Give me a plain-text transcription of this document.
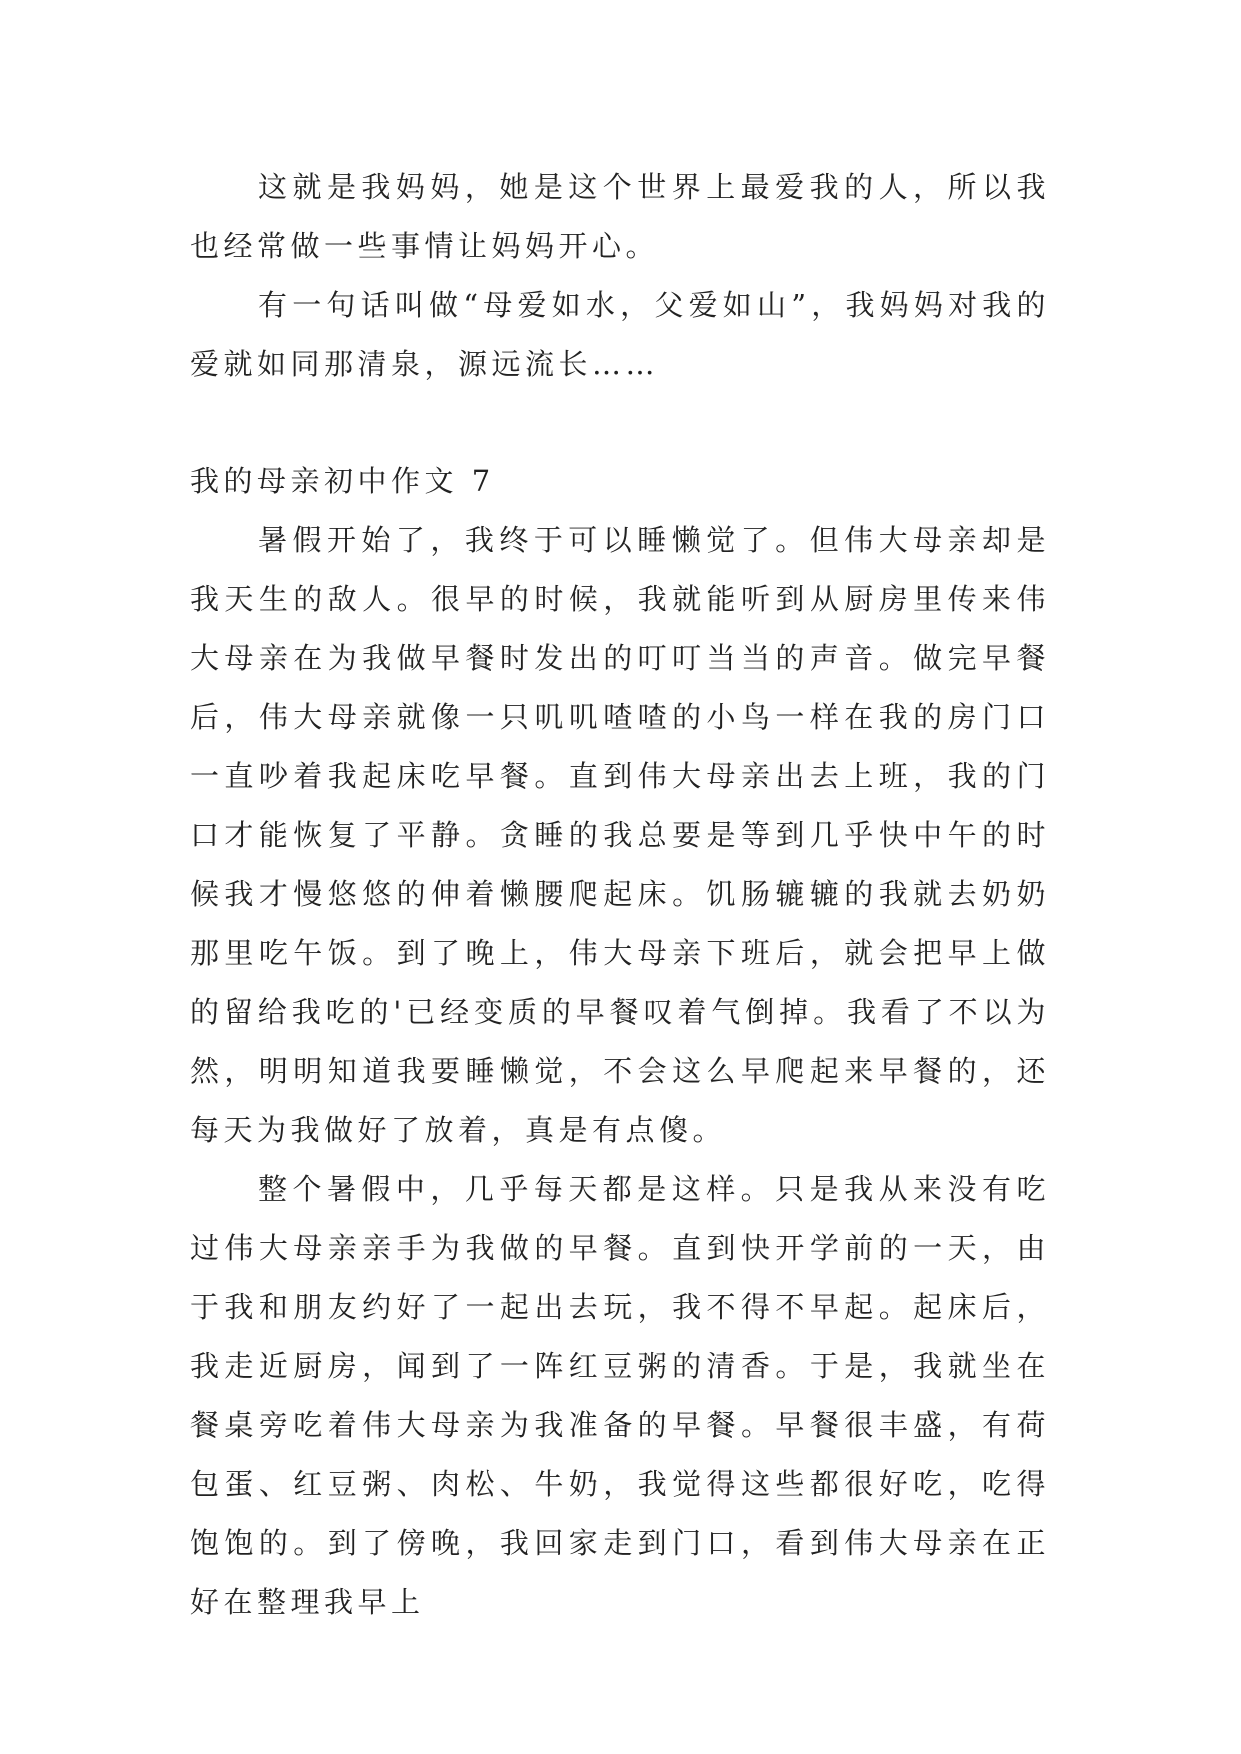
这就是我妈妈，她是这个世界上最爱我的人，所以我也经常做一些事情让妈妈开心。

有一句话叫做“母爱如水，父爱如山”，我妈妈对我的爱就如同那清泉，源远流长……

我的母亲初中作文 7

暑假开始了，我终于可以睡懒觉了。但伟大母亲却是我天生的敌人。很早的时候，我就能听到从厨房里传来伟大母亲在为我做早餐时发出的叮叮当当的声音。做完早餐后，伟大母亲就像一只叽叽喳喳的小鸟一样在我的房门口一直吵着我起床吃早餐。直到伟大母亲出去上班，我的门口才能恢复了平静。贪睡的我总要是等到几乎快中午的时候我才慢悠悠的伸着懒腰爬起床。饥肠辘辘的我就去奶奶那里吃午饭。到了晚上，伟大母亲下班后，就会把早上做的留给我吃的'已经变质的早餐叹着气倒掉。我看了不以为然，明明知道我要睡懒觉，不会这么早爬起来早餐的，还每天为我做好了放着，真是有点傻。

整个暑假中，几乎每天都是这样。只是我从来没有吃过伟大母亲亲手为我做的早餐。直到快开学前的一天，由于我和朋友约好了一起出去玩，我不得不早起。起床后，我走近厨房，闻到了一阵红豆粥的清香。于是，我就坐在餐桌旁吃着伟大母亲为我准备的早餐。早餐很丰盛，有荷包蛋、红豆粥、肉松、牛奶，我觉得这些都很好吃，吃得饱饱的。到了傍晚，我回家走到门口，看到伟大母亲在正好在整理我早上
